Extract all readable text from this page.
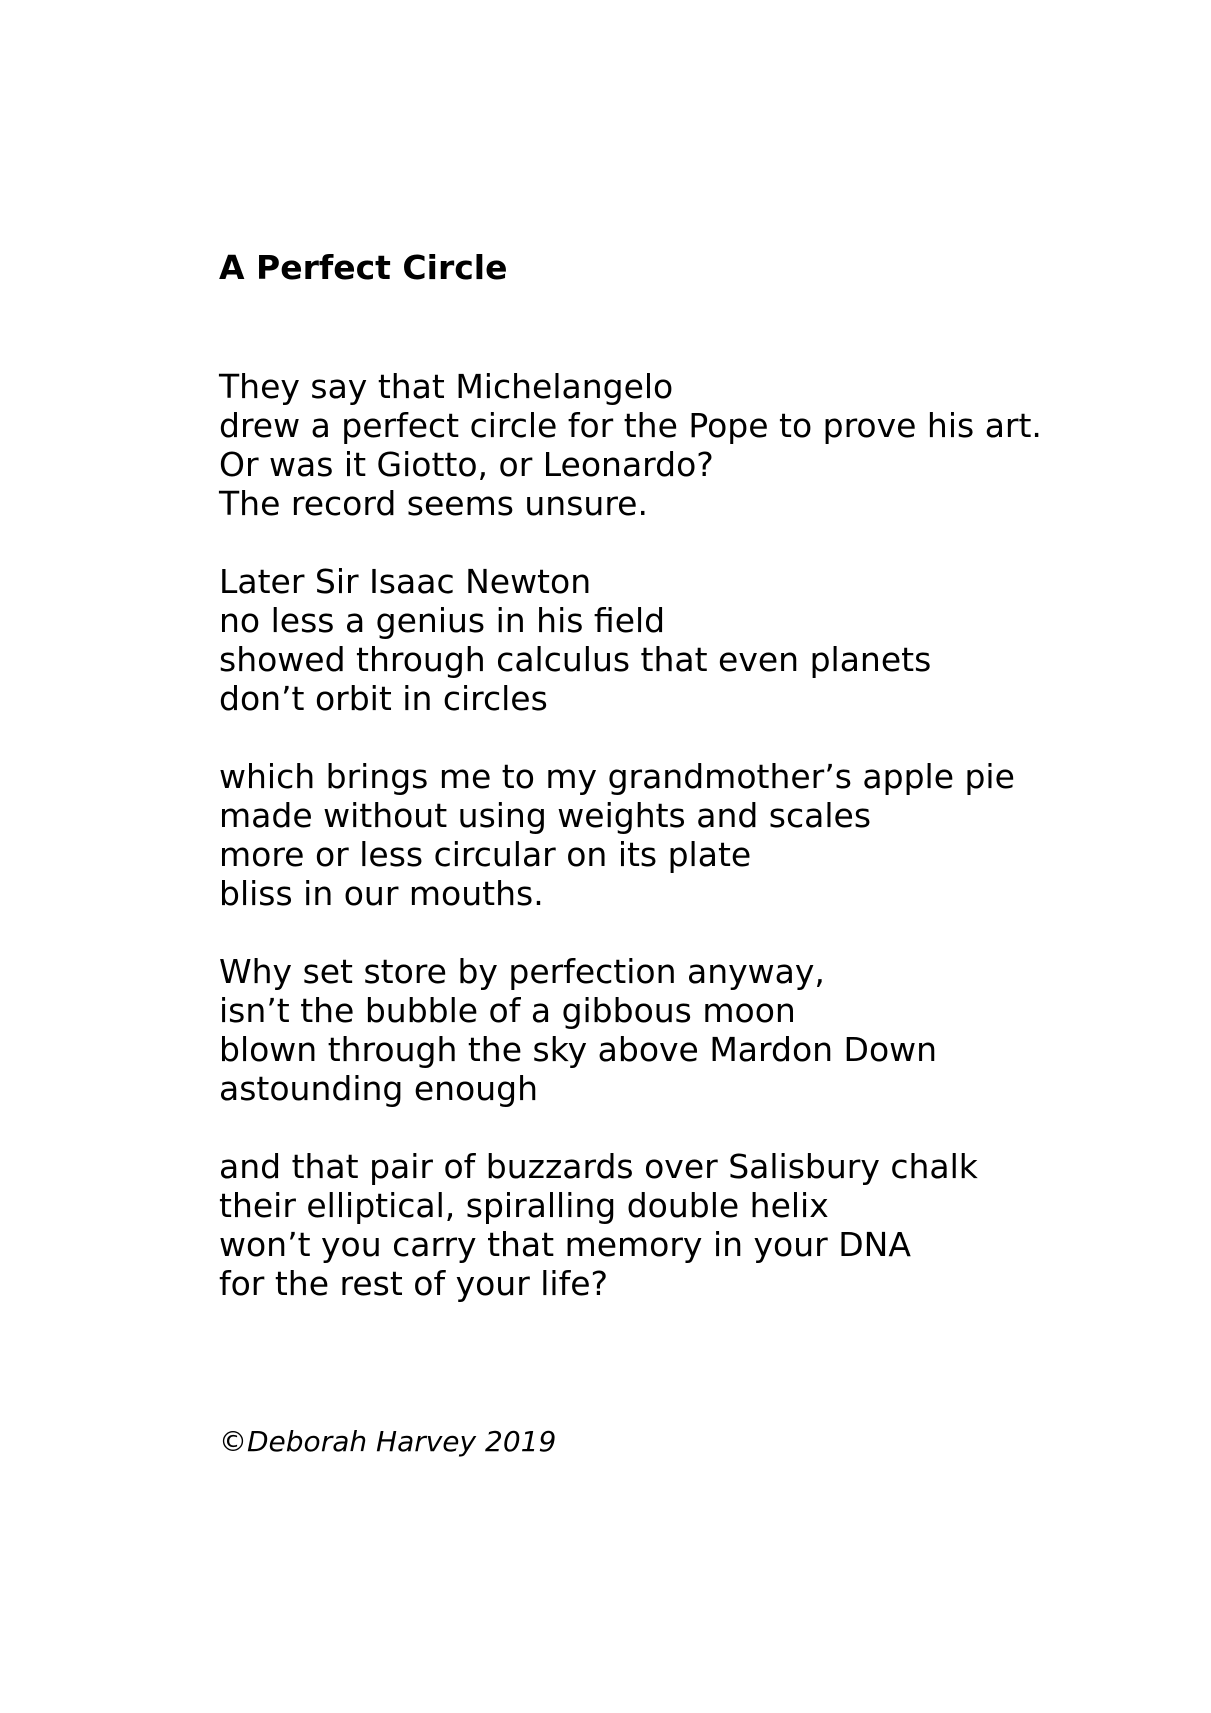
A Perfect Circle
They say that Michelangelo
drew a perfect circle for the Pope to prove his art.
Or was it Giotto, or Leonardo?
The record seems unsure.
Later Sir Isaac Newton
no less a genius in his field
showed through calculus that even planets
don’t orbit in circles
which brings me to my grandmother’s apple pie
made without using weights and scales
more or less circular on its plate
bliss in our mouths.
Why set store by perfection anyway,
isn’t the bubble of a gibbous moon
blown through the sky above Mardon Down
astounding enough
and that pair of buzzards over Salisbury chalk
their elliptical, spiralling double helix
won’t you carry that memory in your DNA
for the rest of your life?

©Deborah Harvey 2019
